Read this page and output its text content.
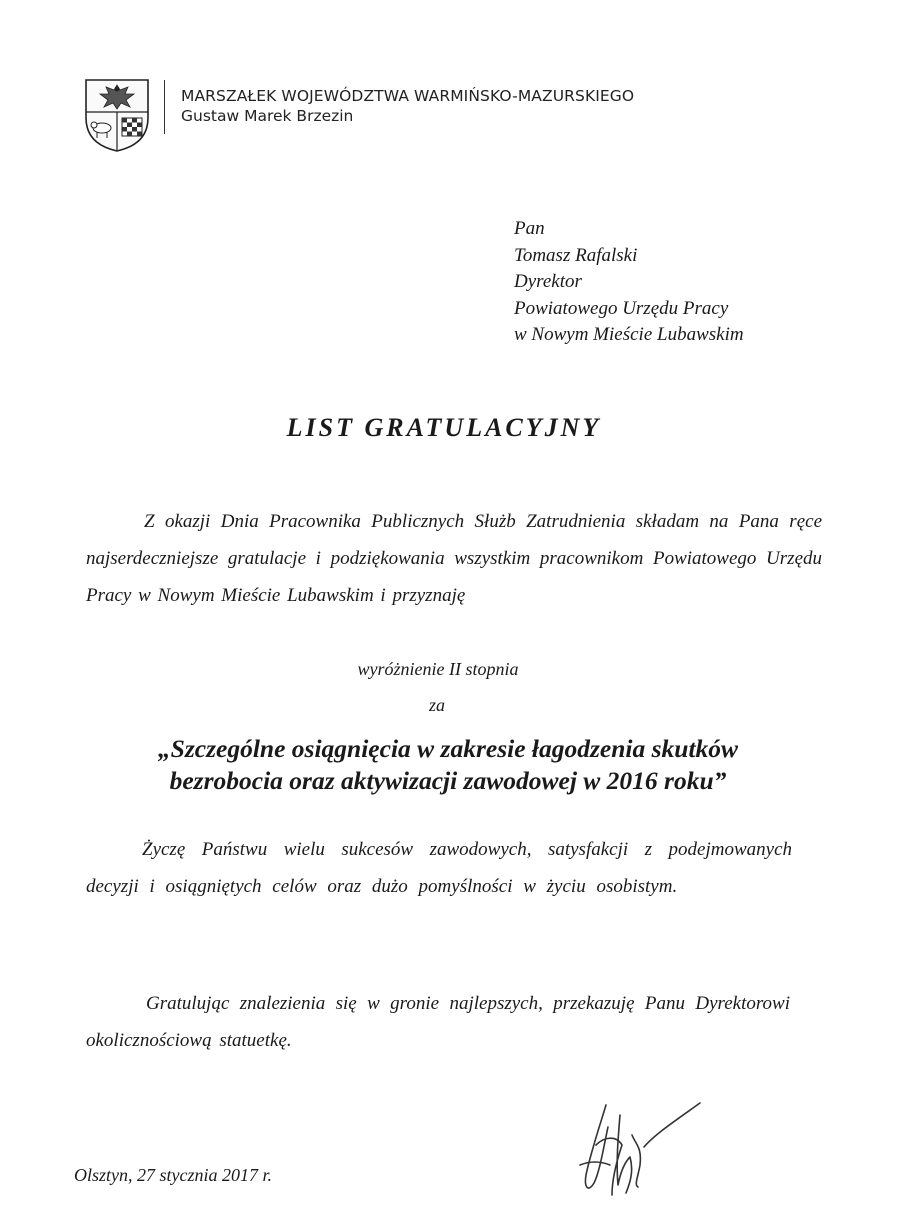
MARSZAŁEK WOJEWÓDZTWA WARMIŃSKO-MAZURSKIEGO
Gustaw Marek Brzezin
Pan
Tomasz Rafalski
Dyrektor
Powiatowego Urzędu Pracy
w Nowym Mieście Lubawskim
LIST GRATULACYJNY
Z okazji Dnia Pracownika Publicznych Służb Zatrudnienia składam na Pana ręce najserdeczniejsze gratulacje i podziękowania wszystkim pracownikom Powiatowego Urzędu Pracy w Nowym Mieście Lubawskim i przyznaję
wyróżnienie II stopnia
za
„Szczególne osiągnięcia w zakresie łagodzenia skutków
bezrobocia oraz aktywizacji zawodowej w 2016 roku”
Życzę Państwu wielu sukcesów zawodowych, satysfakcji z podejmowanych decyzji i osiągniętych celów oraz dużo pomyślności w życiu osobistym.
Gratulując znalezienia się w gronie najlepszych, przekazuję Panu Dyrektorowi okolicznościową statuetkę.
Olsztyn, 27 stycznia 2017 r.
